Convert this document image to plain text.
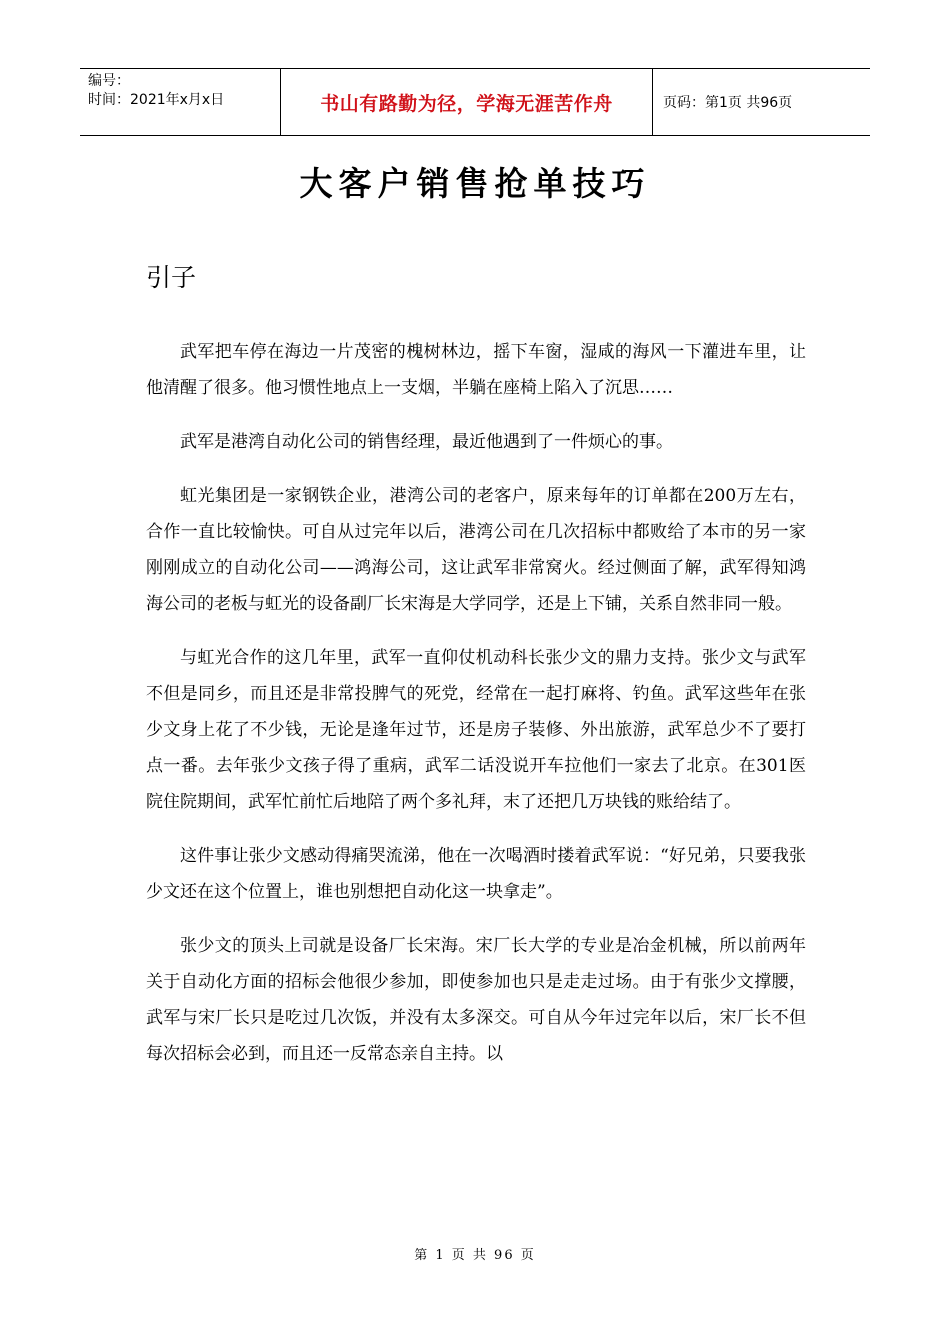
编号：
时间：2021年x月x日	书山有路勤为径，学海无涯苦作舟	页码：第1页 共96页
大客户销售抢单技巧
引子

武军把车停在海边一片茂密的槐树林边，摇下车窗，湿咸的海风一下灌进车里，让他清醒了很多。他习惯性地点上一支烟，半躺在座椅上陷入了沉思……

武军是港湾自动化公司的销售经理，最近他遇到了一件烦心的事。

虹光集团是一家钢铁企业，港湾公司的老客户，原来每年的订单都在200万左右，合作一直比较愉快。可自从过完年以后，港湾公司在几次招标中都败给了本市的另一家刚刚成立的自动化公司——鸿海公司，这让武军非常窝火。经过侧面了解，武军得知鸿海公司的老板与虹光的设备副厂长宋海是大学同学，还是上下铺，关系自然非同一般。

与虹光合作的这几年里，武军一直仰仗机动科长张少文的鼎力支持。张少文与武军不但是同乡，而且还是非常投脾气的死党，经常在一起打麻将、钓鱼。武军这些年在张少文身上花了不少钱，无论是逢年过节，还是房子装修、外出旅游，武军总少不了要打点一番。去年张少文孩子得了重病，武军二话没说开车拉他们一家去了北京。在301医院住院期间，武军忙前忙后地陪了两个多礼拜，末了还把几万块钱的账给结了。

这件事让张少文感动得痛哭流涕，他在一次喝酒时搂着武军说：“好兄弟，只要我张少文还在这个位置上，谁也别想把自动化这一块拿走”。

张少文的顶头上司就是设备厂长宋海。宋厂长大学的专业是冶金机械，所以前两年关于自动化方面的招标会他很少参加，即使参加也只是走走过场。由于有张少文撑腰，武军与宋厂长只是吃过几次饭，并没有太多深交。可自从今年过完年以后，宋厂长不但每次招标会必到，而且还一反常态亲自主持。以

第 1 页 共 96 页
